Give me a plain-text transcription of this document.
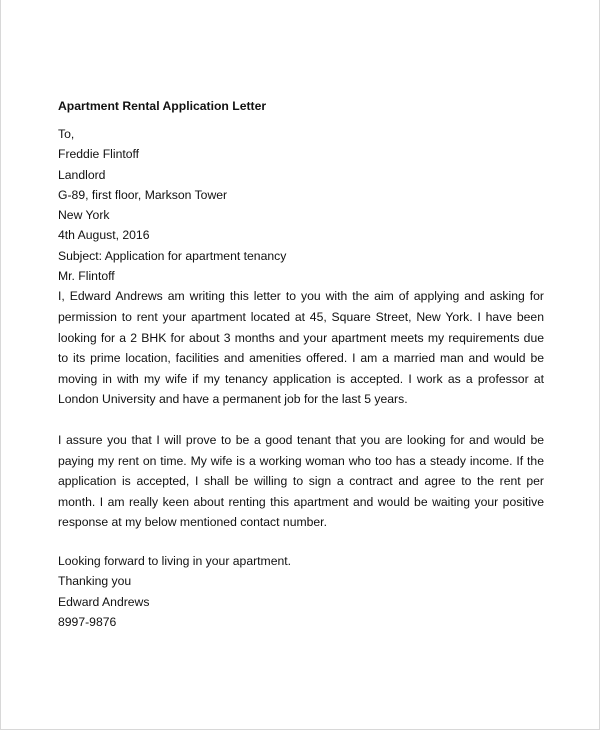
Apartment Rental Application Letter
To,
Freddie Flintoff
Landlord
G-89, first floor, Markson Tower
New York
4th August, 2016
Subject: Application for apartment tenancy
Mr. Flintoff

I, Edward Andrews am writing this letter to you with the aim of applying and asking for permission to rent your apartment located at 45, Square Street, New York. I have been looking for a 2 BHK for about 3 months and your apartment meets my requirements due to its prime location, facilities and amenities offered. I am a married man and would be moving in with my wife if my tenancy application is accepted. I work as a professor at London University and have a permanent job for the last 5 years.

I assure you that I will prove to be a good tenant that you are looking for and would be paying my rent on time. My wife is a working woman who too has a steady income. If the application is accepted, I shall be willing to sign a contract and agree to the rent per month. I am really keen about renting this apartment and would be waiting your positive response at my below mentioned contact number.

Looking forward to living in your apartment.
Thanking you
Edward Andrews
8997-9876
